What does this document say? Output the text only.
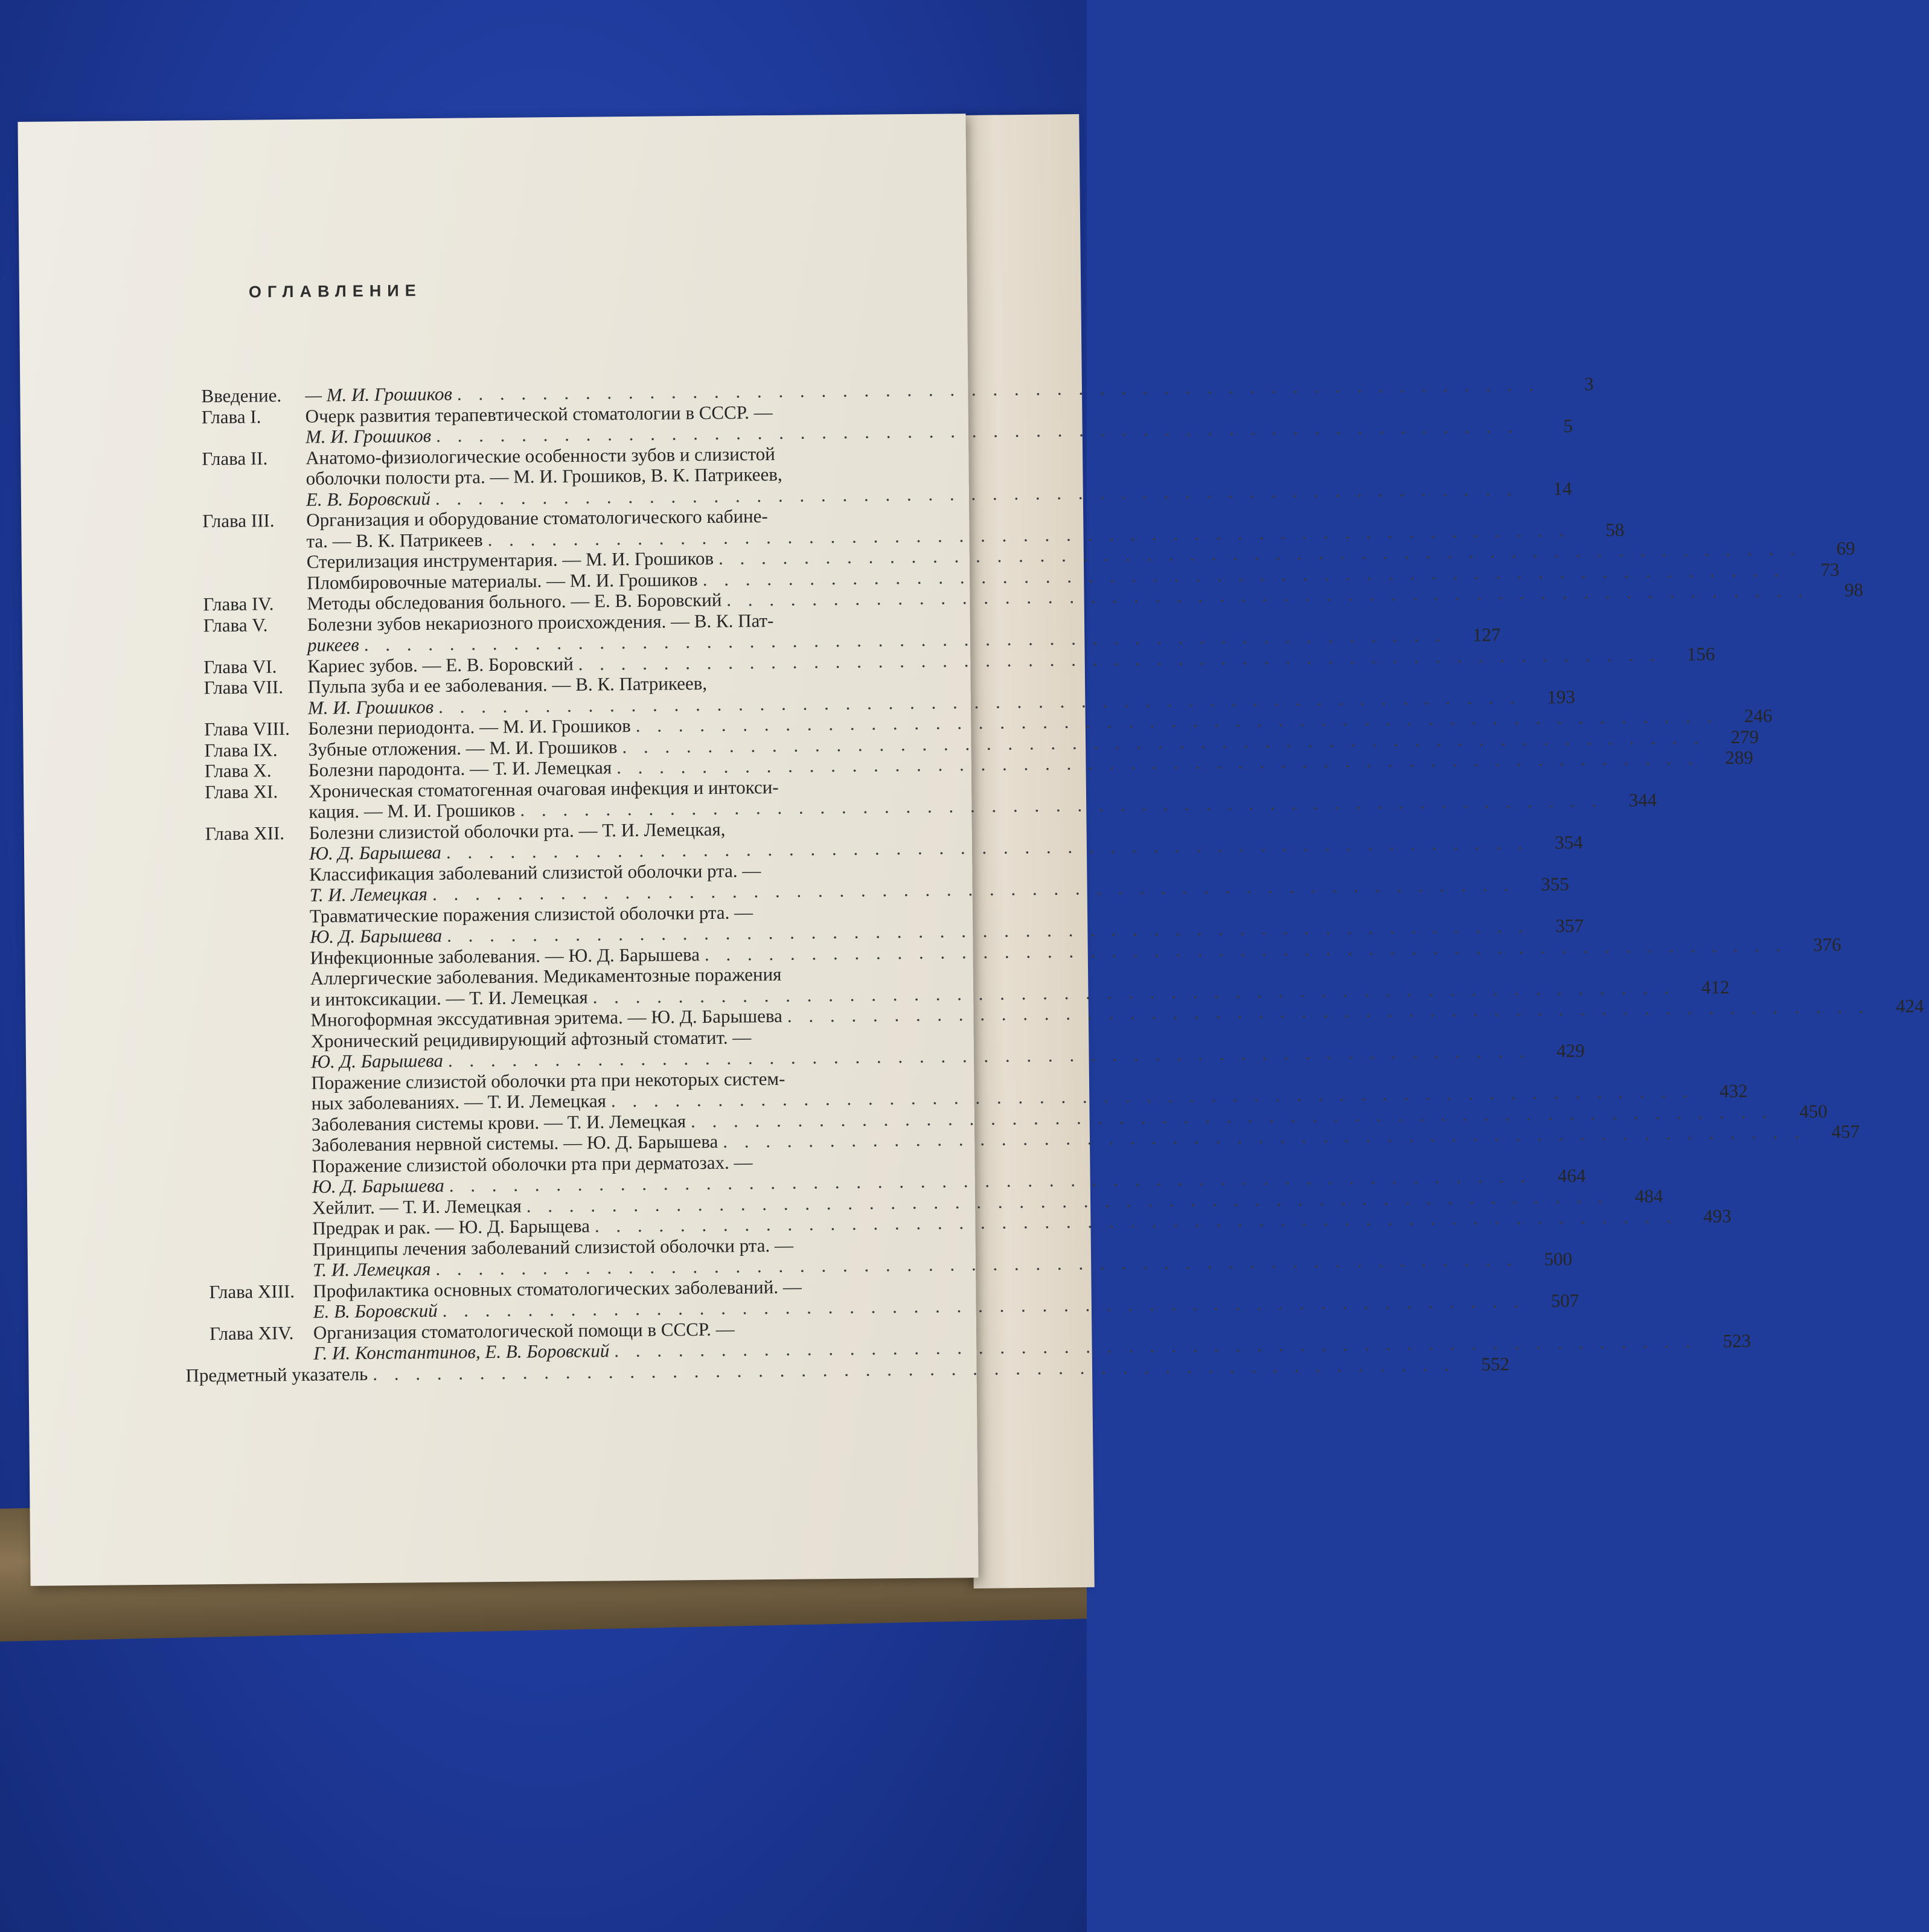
ОГЛАВЛЕНИЕ
Введение.	— М. И. Грошиков . . .	3
Глава I.	Очерк развития терапевтической стоматологии в СССР. —
М. И. Грошиков . . .	5
Глава II.	Анатомо-физиологические особенности зубов и слизистой
оболочки полости рта. — М. И. Грошиков, В. К. Патрикеев,
Е. В. Боровский . . .	14
Глава III.	Организация и оборудование стоматологического кабине-
та. — В. К. Патрикеев . . .	58
Стерилизация инструментария. — М. И. Грошиков . . .	69
Пломбировочные материалы. — М. И. Грошиков . . .	73
Глава IV.	Методы обследования больного. — Е. В. Боровский . . .	98
Глава V.	Болезни зубов некариозного происхождения. — В. К. Пат-
рикеев . . .	127
Глава VI.	Кариес зубов. — Е. В. Боровский . . .	156
Глава VII.	Пульпа зуба и ее заболевания. — В. К. Патрикеев,
М. И. Грошиков . . .	193
Глава VIII. Болезни периодонта. — М. И. Грошиков . . .	246
Глава IX.	Зубные отложения. — М. И. Грошиков . . .	279
Глава X.	Болезни пародонта. — Т. И. Лемецкая . . .	289
Глава XI.	Хроническая стоматогенная очаговая инфекция и интокси-
кация. — М. И. Грошиков . . .	344
Глава XII.	Болезни слизистой оболочки рта. — Т. И. Лемецкая,
Ю. Д. Барышева . . .	354
Классификация заболеваний слизистой оболочки рта. —
Т. И. Лемецкая . . .	355
Травматические поражения слизистой оболочки рта. —
Ю. Д. Барышева . . .	357
Инфекционные заболевания. — Ю. Д. Барышева . . .	376
Аллергические заболевания. Медикаментозные поражения
и интоксикации. — Т. И. Лемецкая . . .	412
Многоформная экссудативная эритема. — Ю. Д. Барышева . . .	424
Хронический рецидивирующий афтозный стоматит. —
Ю. Д. Барышева . . .	429
Поражение слизистой оболочки рта при некоторых систем-
ных заболеваниях. — Т. И. Лемецкая . . .	432
Заболевания системы крови. — Т. И. Лемецкая . . .	450
Заболевания нервной системы. — Ю. Д. Барышева . . .	457
Поражение слизистой оболочки рта при дерматозах. —
Ю. Д. Барышева . . .	464
Хейлит. — Т. И. Лемецкая . . .	484
Предрак и рак. — Ю. Д. Барыщева . . .	493
Принципы лечения заболеваний слизистой оболочки рта. —
Т. И. Лемецкая . . .	500
Глава XIII. Профилактика основных стоматологических заболеваний. —
Е. В. Боровский . . .	507
Глава XIV.	Организация стоматологической помощи в СССР. —
Г. И. Константинов, Е. В. Боровский . . .	523
Предметный указатель . . .	552
